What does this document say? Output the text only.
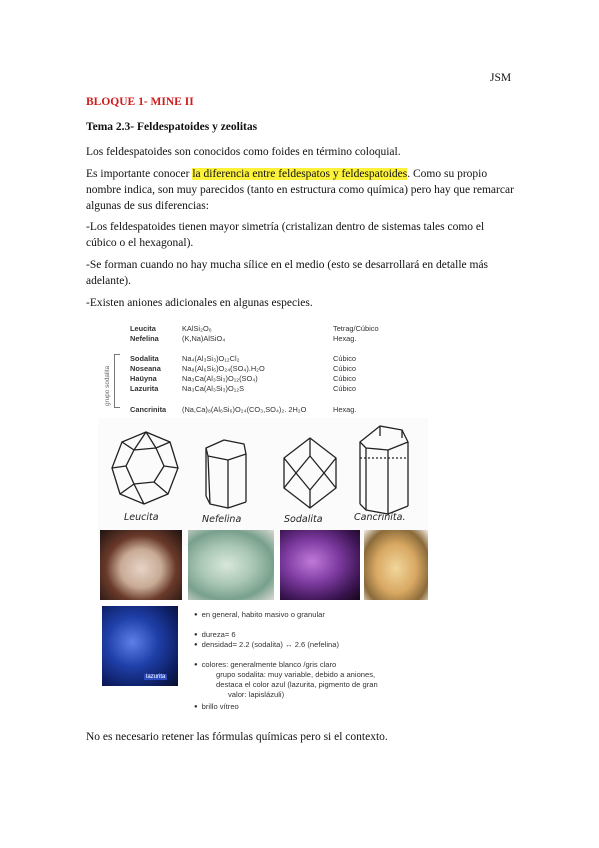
JSM
BLOQUE 1- MINE II
Tema 2.3- Feldespatoides y zeolitas
Los feldespatoides son conocidos como foides en término coloquial.
Es importante conocer la diferencia entre feldespatos y feldespatoides. Como su propio nombre indica, son muy parecidos (tanto en estructura como química) pero hay que remarcar algunas de sus diferencias:
-Los feldespatoides tienen mayor simetría (cristalizan dentro de sistemas tales como el cúbico o el hexagonal).
-Se forman cuando no hay mucha sílice en el medio (esto se desarrollará en detalle más adelante).
-Existen aniones adicionales en algunas especies.
grupo sodalita
Leucita	KAlSi₂O₆	Tetrag/Cúbico
Nefelina	(K,Na)AlSiO₄	Hexag.
Sodalita	Na₄(Al₃Si₃)O₁₂Cl₂	Cúbico
Noseana	Na₈(Al₆Si₆)O₂₄(SO₄).H₂O	Cúbico
Haüyna	Na₃Ca(Al₃Si₃)O₁₂(SO₄)	Cúbico
Lazurita	Na₃Ca(Al₃Si₃)O₁₂S	Cúbico
Cancrinita (Na,Ca)₈(Al₆Si₆)O₂₄(CO₃,SO₄)₂. 2H₂O	Hexag.
Leucita	Nefelina	Sodalita	Cancrinita.
lazurita
● en general, habito masivo o granular
● dureza= 6
● densidad= 2.2 (sodalita) ↔ 2.6 (nefelina)
● colores: generalmente blanco /gris claro
grupo sodalita: muy variable, debido a aniones,
destaca el color azul (lazurita, pigmento de gran
valor: lapislázuli)
● brillo vítreo
No es necesario retener las fórmulas químicas pero si el contexto.
